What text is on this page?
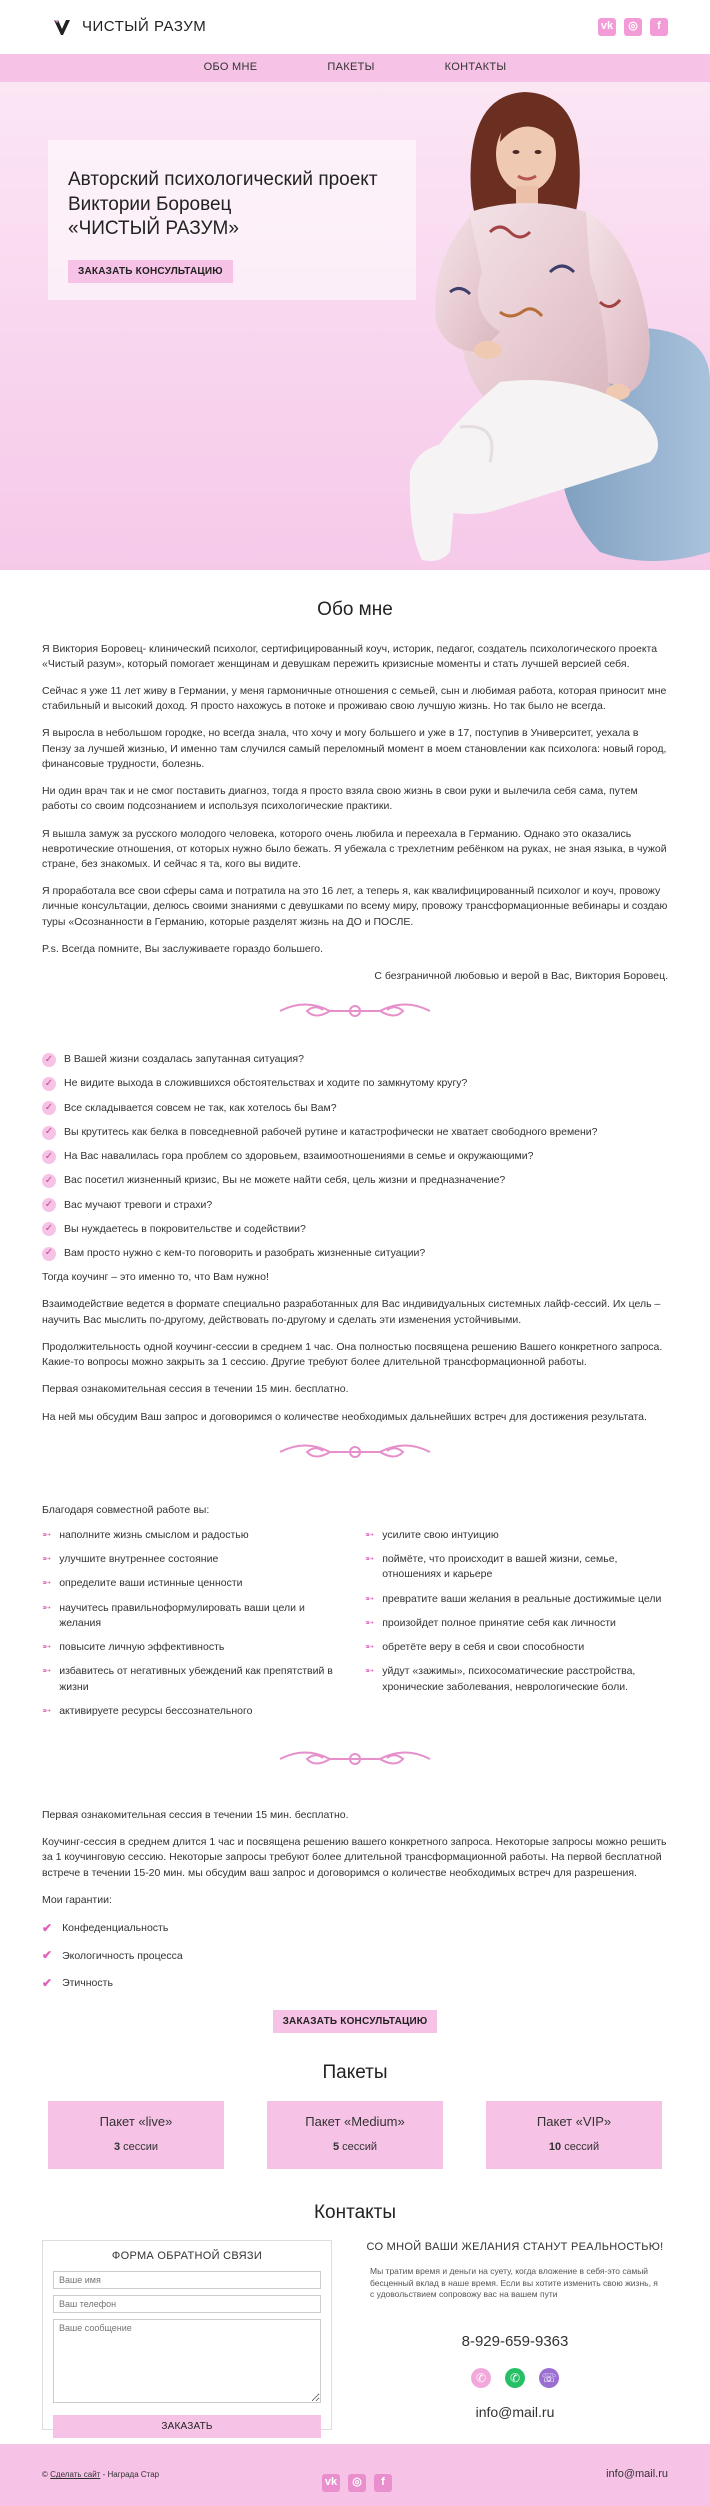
ЧИСТЫЙ РАЗУМ	vk	◎	f
ОБО МНЕ	ПАКЕТЫ	КОНТАКТЫ
Авторский психологический проект
Виктории Боровец
«ЧИСТЫЙ РАЗУМ»
ЗАКАЗАТЬ КОНСУЛЬТАЦИЮ
Обо мне

Я Виктория Боровец- клинический психолог, сертифицированный коуч, историк, педагог, создатель психологического проекта «Чистый разум», который помогает женщинам и девушкам пережить кризисные моменты и стать лучшей версией себя.

Сейчас я уже 11 лет живу в Германии, у меня гармоничные отношения с семьей, сын и любимая работа, которая приносит мне стабильный и высокий доход. Я просто нахожусь в потоке и проживаю свою лучшую жизнь. Но так было не всегда.

Я выросла в небольшом городке, но всегда знала, что хочу и могу большего и уже в 17, поступив в Университет, уехала в Пензу за лучшей жизнью, И именно там случился самый переломный момент в моем становлении как психолога: новый город, финансовые трудности, болезнь.

Ни один врач так и не смог поставить диагноз, тогда я просто взяла свою жизнь в свои руки и вылечила себя сама, путем работы со своим подсознанием и используя психологические практики.

Я вышла замуж за русского молодого человека, которого очень любила и переехала в Германию. Однако это оказались невротические отношения, от которых нужно было бежать. Я убежала с трехлетним ребёнком на руках, не зная языка, в чужой стране, без знакомых. И сейчас я та, кого вы видите.

Я проработала все свои сферы сама и потратила на это 16 лет, а теперь я, как квалифицированный психолог и коуч, провожу личные консультации, делюсь своими знаниями с девушками по всему миру, провожу трансформационные вебинары и создаю туры «Осознанности в Германию, которые разделят жизнь на ДО и ПОСЛЕ.

P.s. Всегда помните, Вы заслуживаете гораздо большего.

С безграничной любовью и верой в Вас, Виктория Боровец.

✓ В Вашей жизни создалась запутанная ситуация?
✓ Не видите выхода в сложившихся обстоятельствах и ходите по замкнутому кругу?
✓ Все складывается совсем не так, как хотелось бы Вам?
✓ Вы крутитесь как белка в повседневной рабочей рутине и катастрофически не хватает свободного времени?
✓ На Вас навалилась гора проблем со здоровьем, взаимоотношениями в семье и окружающими?
✓ Вас посетил жизненный кризис, Вы не можете найти себя, цель жизни и предназначение?
✓ Вас мучают тревоги и страхи?
✓ Вы нуждаетесь в покровительстве и содействии?
✓ Вам просто нужно с кем-то поговорить и разобрать жизненные ситуации?

Тогда коучинг – это именно то, что Вам нужно!

Взаимодействие ведется в формате специально разработанных для Вас индивидуальных системных лайф-сессий. Их цель – научить Вас мыслить по-другому, действовать по-другому и сделать эти изменения устойчивыми.

Продолжительность одной коучинг-сессии в среднем 1 час. Она полностью посвящена решению Вашего конкретного запроса. Какие-то вопросы можно закрыть за 1 сессию. Другие требуют более длительной трансформационной работы.

Первая ознакомительная сессия в течении 15 мин. бесплатно.

На ней мы обсудим Ваш запрос и договоримся о количестве необходимых дальнейших встреч для достижения результата.

Благодаря совместной работе вы:
➵ наполните жизнь смыслом и радостью
➵ улучшите внутреннее состояние
➵ определите ваши истинные ценности
➵ научитесь правильноформулировать ваши цели и желания
➵ повысите личную эффективность
➵ избавитесь от негативных убеждений как препятствий в жизни
➵ активируете ресурсы бессознательного
➵ усилите свою интуицию
➵ поймёте, что происходит в вашей жизни, семье, отношениях и карьере
➵ превратите ваши желания в реальные достижимые цели
➵ произойдет полное принятие себя как личности
➵ обретёте веру в себя и свои способности
➵ уйдут «зажимы», психосоматические расстройства, хронические заболевания, неврологические боли.

Первая ознакомительная сессия в течении 15 мин. бесплатно.

Коучинг-сессия в среднем длится 1 час и посвящена решению вашего конкретного запроса. Некоторые запросы можно решить за 1 коучинговую сессию. Некоторые запросы требуют более длительной трансформационной работы. На первой бесплатной встрече в течении 15-20 мин. мы обсудим ваш запрос и договоримся о количестве необходимых встреч для разрешения.

Мои гарантии:

✔ Конфеденциальность
✔ Экологичность процесса
✔ Этичность
ЗАКАЗАТЬ КОНСУЛЬТАЦИЮ
Пакеты
Пакет «live»
3 сессии
Пакет «Medium»
5 сессий
Пакет «VIP»
10 сессий
Контакты
ФОРМА ОБРАТНОЙ СВЯЗИ
Ваше имя Ваш телефон Ваше сообщение ЗАКАЗАТЬ
СО МНОЙ ВАШИ ЖЕЛАНИЯ СТАНУТ РЕАЛЬНОСТЬЮ!
Мы тратим время и деньги на суету, когда вложение в себя-это самый бесценный вклад в наше время. Если вы хотите изменить свою жизнь, я с удовольствием сопровожу вас на вашем пути
8-929-659-9363
✆	✆	☏
info@mail.ru
© Сделать сайт - Награда Стар
vk	◎	f
info@mail.ru
